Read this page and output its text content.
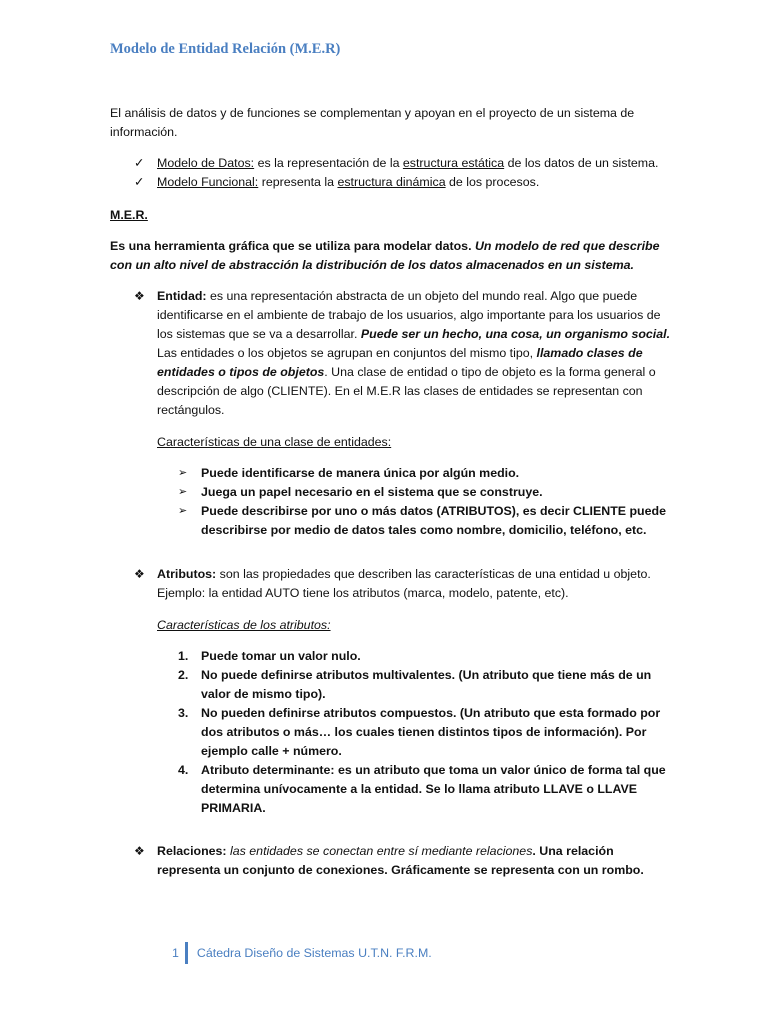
Modelo de Entidad Relación (M.E.R)

El análisis de datos y de funciones se complementan y apoyan en el proyecto de un sistema de información.

✓ Modelo de Datos: es la representación de la estructura estática de los datos de un sistema.
✓ Modelo Funcional: representa la estructura dinámica de los procesos.

M.E.R.

Es una herramienta gráfica que se utiliza para modelar datos. Un modelo de red que describe con un alto nivel de abstracción la distribución de los datos almacenados en un sistema.

❖ Entidad: es una representación abstracta de un objeto del mundo real. Algo que puede identificarse en el ambiente de trabajo de los usuarios, algo importante para los usuarios de los sistemas que se va a desarrollar. Puede ser un hecho, una cosa, un organismo social.

Las entidades o los objetos se agrupan en conjuntos del mismo tipo, llamado clases de entidades o tipos de objetos. Una clase de entidad o tipo de objeto es la forma general o descripción de algo (CLIENTE). En el M.E.R las clases de entidades se representan con rectángulos.

Características de una clase de entidades:

➢ Puede identificarse de manera única por algún medio.
➢ Juega un papel necesario en el sistema que se construye.
➢ Puede describirse por uno o más datos (ATRIBUTOS), es decir CLIENTE puede describirse por medio de datos tales como nombre, domicilio, teléfono, etc.
❖ Atributos: son las propiedades que describen las características de una entidad u objeto. Ejemplo: la entidad AUTO tiene los atributos (marca, modelo, patente, etc).

Características de los atributos:

1. Puede tomar un valor nulo.
2. No puede definirse atributos multivalentes. (Un atributo que tiene más de un valor de mismo tipo).
3. No pueden definirse atributos compuestos. (Un atributo que esta formado por dos atributos o más… los cuales tienen distintos tipos de información). Por ejemplo calle + número.
4. Atributo determinante: es un atributo que toma un valor único de forma tal que determina unívocamente a la entidad. Se lo llama atributo LLAVE o LLAVE PRIMARIA.
❖ Relaciones: las entidades se conectan entre sí mediante relaciones. Una relación representa un conjunto de conexiones. Gráficamente se representa con un rombo.

1 Cátedra Diseño de Sistemas U.T.N. F.R.M.
